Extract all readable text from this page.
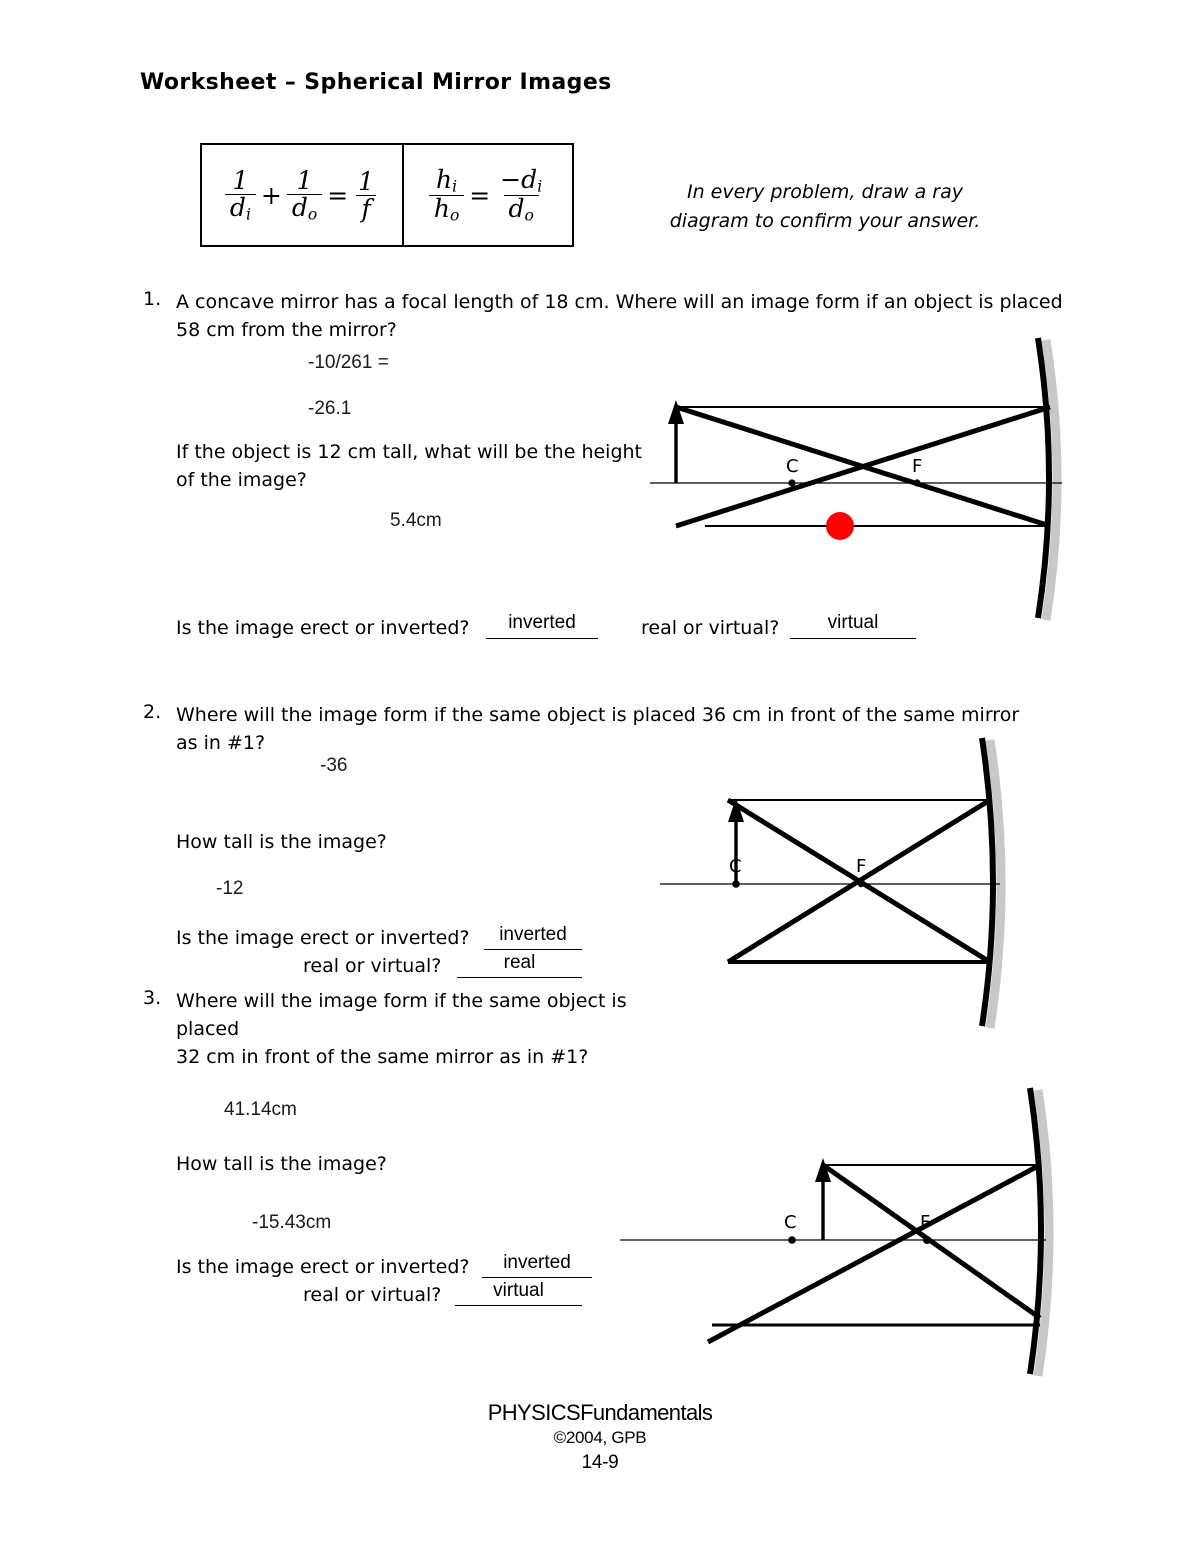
Worksheet – Spherical Mirror Images
$\frac{1}{d_i} + \frac{1}{d_o} = \frac{1}{f} \frac{h_i}{h_o} = \frac{-d_i}{d_o}$	In every problem, draw a ray
diagram to confirm your answer.
1. A concave mirror has a focal length of 18 cm. Where will an image form if an object is placed
58 cm from the mirror?
-10/261 =
-26.1
If the object is 12 cm tall, what will be the height
of the image?
5.4cm
Is the image erect or inverted?	inverted	real or virtual?	virtual
C	F
2. Where will the image form if the same object is placed 36 cm in front of the same mirror
as in #1?
-36
How tall is the image?
-12
Is the image erect or inverted?	inverted
real or virtual?	real
C	F
3. Where will the image form if the same object is placed
32 cm in front of the same mirror as in #1?
41.14cm
How tall is the image?
-15.43cm
Is the image erect or inverted?	inverted
real or virtual?	virtual
C	F
PHYSICSFundamentals
©2004, GPB
14-9
